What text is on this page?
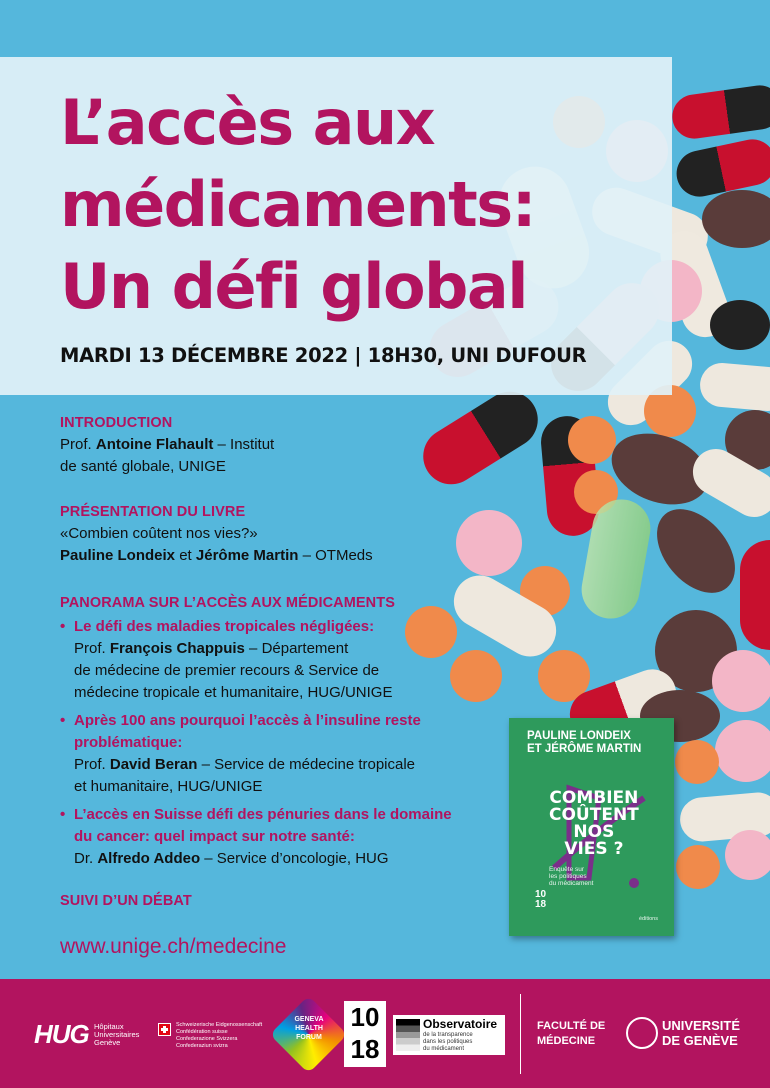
L’accès aux
médicaments:
Un défi global
MARDI 13 DÉCEMBRE 2022 | 18H30, UNI DUFOUR
INTRODUCTION
Prof. Antoine Flahault – Institut
de santé globale, UNIGE
PRÉSENTATION DU LIVRE
«Combien coûtent nos vies?»
Pauline Londeix et Jérôme Martin – OTMeds
PANORAMA SUR L’ACCÈS AUX MÉDICAMENTS
• Le défi des maladies tropicales négligées:
Prof. François Chappuis – Département
de médecine de premier recours & Service de
médecine tropicale et humanitaire, HUG/UNIGE
• Après 100 ans pourquoi l’accès à l’insuline reste
problématique:
Prof. David Beran – Service de médecine tropicale
et humanitaire, HUG/UNIGE
• L’accès en Suisse défi des pénuries dans le domaine
du cancer: quel impact sur notre santé:
Dr. Alfredo Addeo – Service d’oncologie, HUG
SUIVI D’UN DÉBAT
www.unige.ch/medecine
PAULINE LONDEIX
ET JÉRÔME MARTIN
COMBIEN
COÛTENT
NOS
VIES ?
Enquête sur
les politiques
du médicament
10
18
éditions
HUG Hôpitaux
Universitaires
Genève
Schweizerische Eidgenossenschaft
Confédération suisse
Confederazione Svizzera
Confederaziun svizra
GENEVA
HEALTH
FORUM
10
18
Observatoire
de la transparence
dans les politiques
du médicament
FACULTÉ DE
MÉDECINE
UNIVERSITÉ
DE GENÈVE
